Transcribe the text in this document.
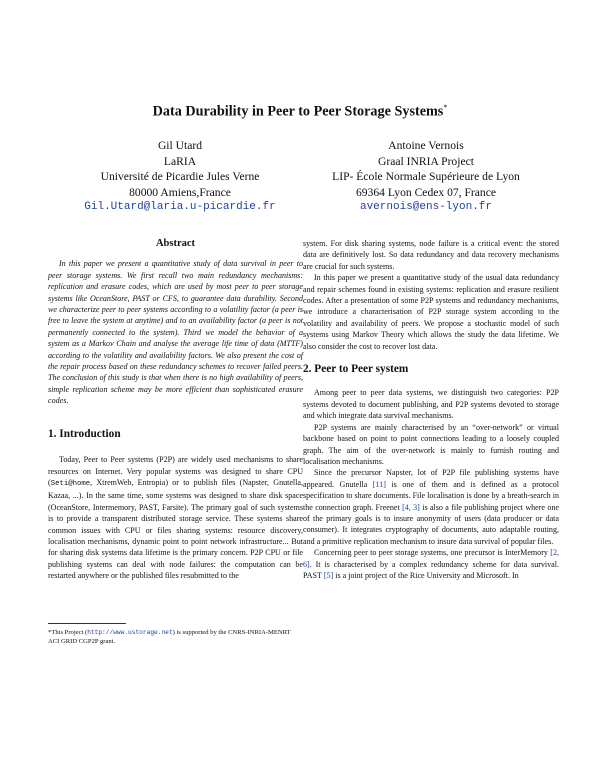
Data Durability in Peer to Peer Storage Systems*
Gil Utard
LaRIA
Université de Picardie Jules Verne
80000 Amiens,France
Gil.Utard@laria.u-picardie.fr
Antoine Vernois
Graal INRIA Project
LIP- École Normale Supérieure de Lyon
69364 Lyon Cedex 07, France
avernois@ens-lyon.fr
Abstract

In this paper we present a quantitative study of data survival in peer to peer storage systems. We first recall two main redundancy mechanisms: replication and erasure codes, which are used by most peer to peer storage systems like OceanStore, PAST or CFS, to guarantee data durability. Second we characterize peer to peer systems according to a volatility factor (a peer is free to leave the system at anytime) and to an availability factor (a peer is not permanently connected to the system). Third we model the behavior of a system as a Markov Chain and analyse the average life time of data (MTTF) according to the volatility and availability factors. We also present the cost of the repair process based on these redundancy schemes to recover failed peers. The conclusion of this study is that when there is no high availability of peers, simple replication scheme may be more efficient than sophisticated erasure codes.

1. Introduction

Today, Peer to Peer systems (P2P) are widely used mechanisms to share resources on Internet. Very popular systems was designed to share CPU (Seti@home, XtremWeb, Entropia) or to publish files (Napster, Gnutella, Kazaa, ...). In the same time, some systems was designed to share disk space (OceanStore, Intermemory, PAST, Farsite). The primary goal of such systems is to provide a transparent distributed storage service. These systems share common issues with CPU or files sharing systems: resource discovery, localisation mechanisms, dynamic point to point network infrastructure... But for sharing disk systems data lifetime is the primary concern. P2P CPU or file publishing systems can deal with node failures: the computation can be restarted anywhere or the published files resubmitted to the

system. For disk sharing systems, node failure is a critical event: the stored data are definitively lost. So data redundancy and data recovery mechanisms are crucial for such systems.

In this paper we present a quantitative study of the usual data redundancy and repair schemes found in existing systems: replication and erasure resilient codes. After a presentation of some P2P systems and redundancy mechanisms, we introduce a characterisation of P2P storage system according to the volatility and availability of peers. We propose a stochastic model of such systems using Markov Theory which allows the study the data lifetime. We also consider the cost to recover lost data.

2. Peer to Peer system

Among peer to peer data systems, we distinguish two categories: P2P systems devoted to document publishing, and P2P systems devoted to storage and which integrate data survival mechanisms.

P2P systems are mainly characterised by an “over-network” or virtual backbone based on point to point connections leading to a loosely coupled graph. The aim of the over-network is mainly to furnish routing and localisation mechanisms.

Since the precursor Napster, lot of P2P file publishing systems have appeared. Gnutella [11] is one of them and is defined as a protocol specification to share documents. File localisation is done by a breath-search in the connection graph. Freenet [4, 3] is also a file publishing project where one of the primary goals is to insure anonymity of users (data producer or data consumer). It integrates cryptography of documents, auto adaptable routing, and a primitive replication mechanism to insure data survival of popular files.

Concerning peer to peer storage systems, one precursor is InterMemory [2, 6]. It is characterised by a complex redundancy scheme for data survival. PAST [5] is a joint project of the Rice University and Microsoft. In

*This Project (http://www.ustorage.net) is supported by the CNRS-INRIA-MENRT ACI GRID CGP2P grant.
